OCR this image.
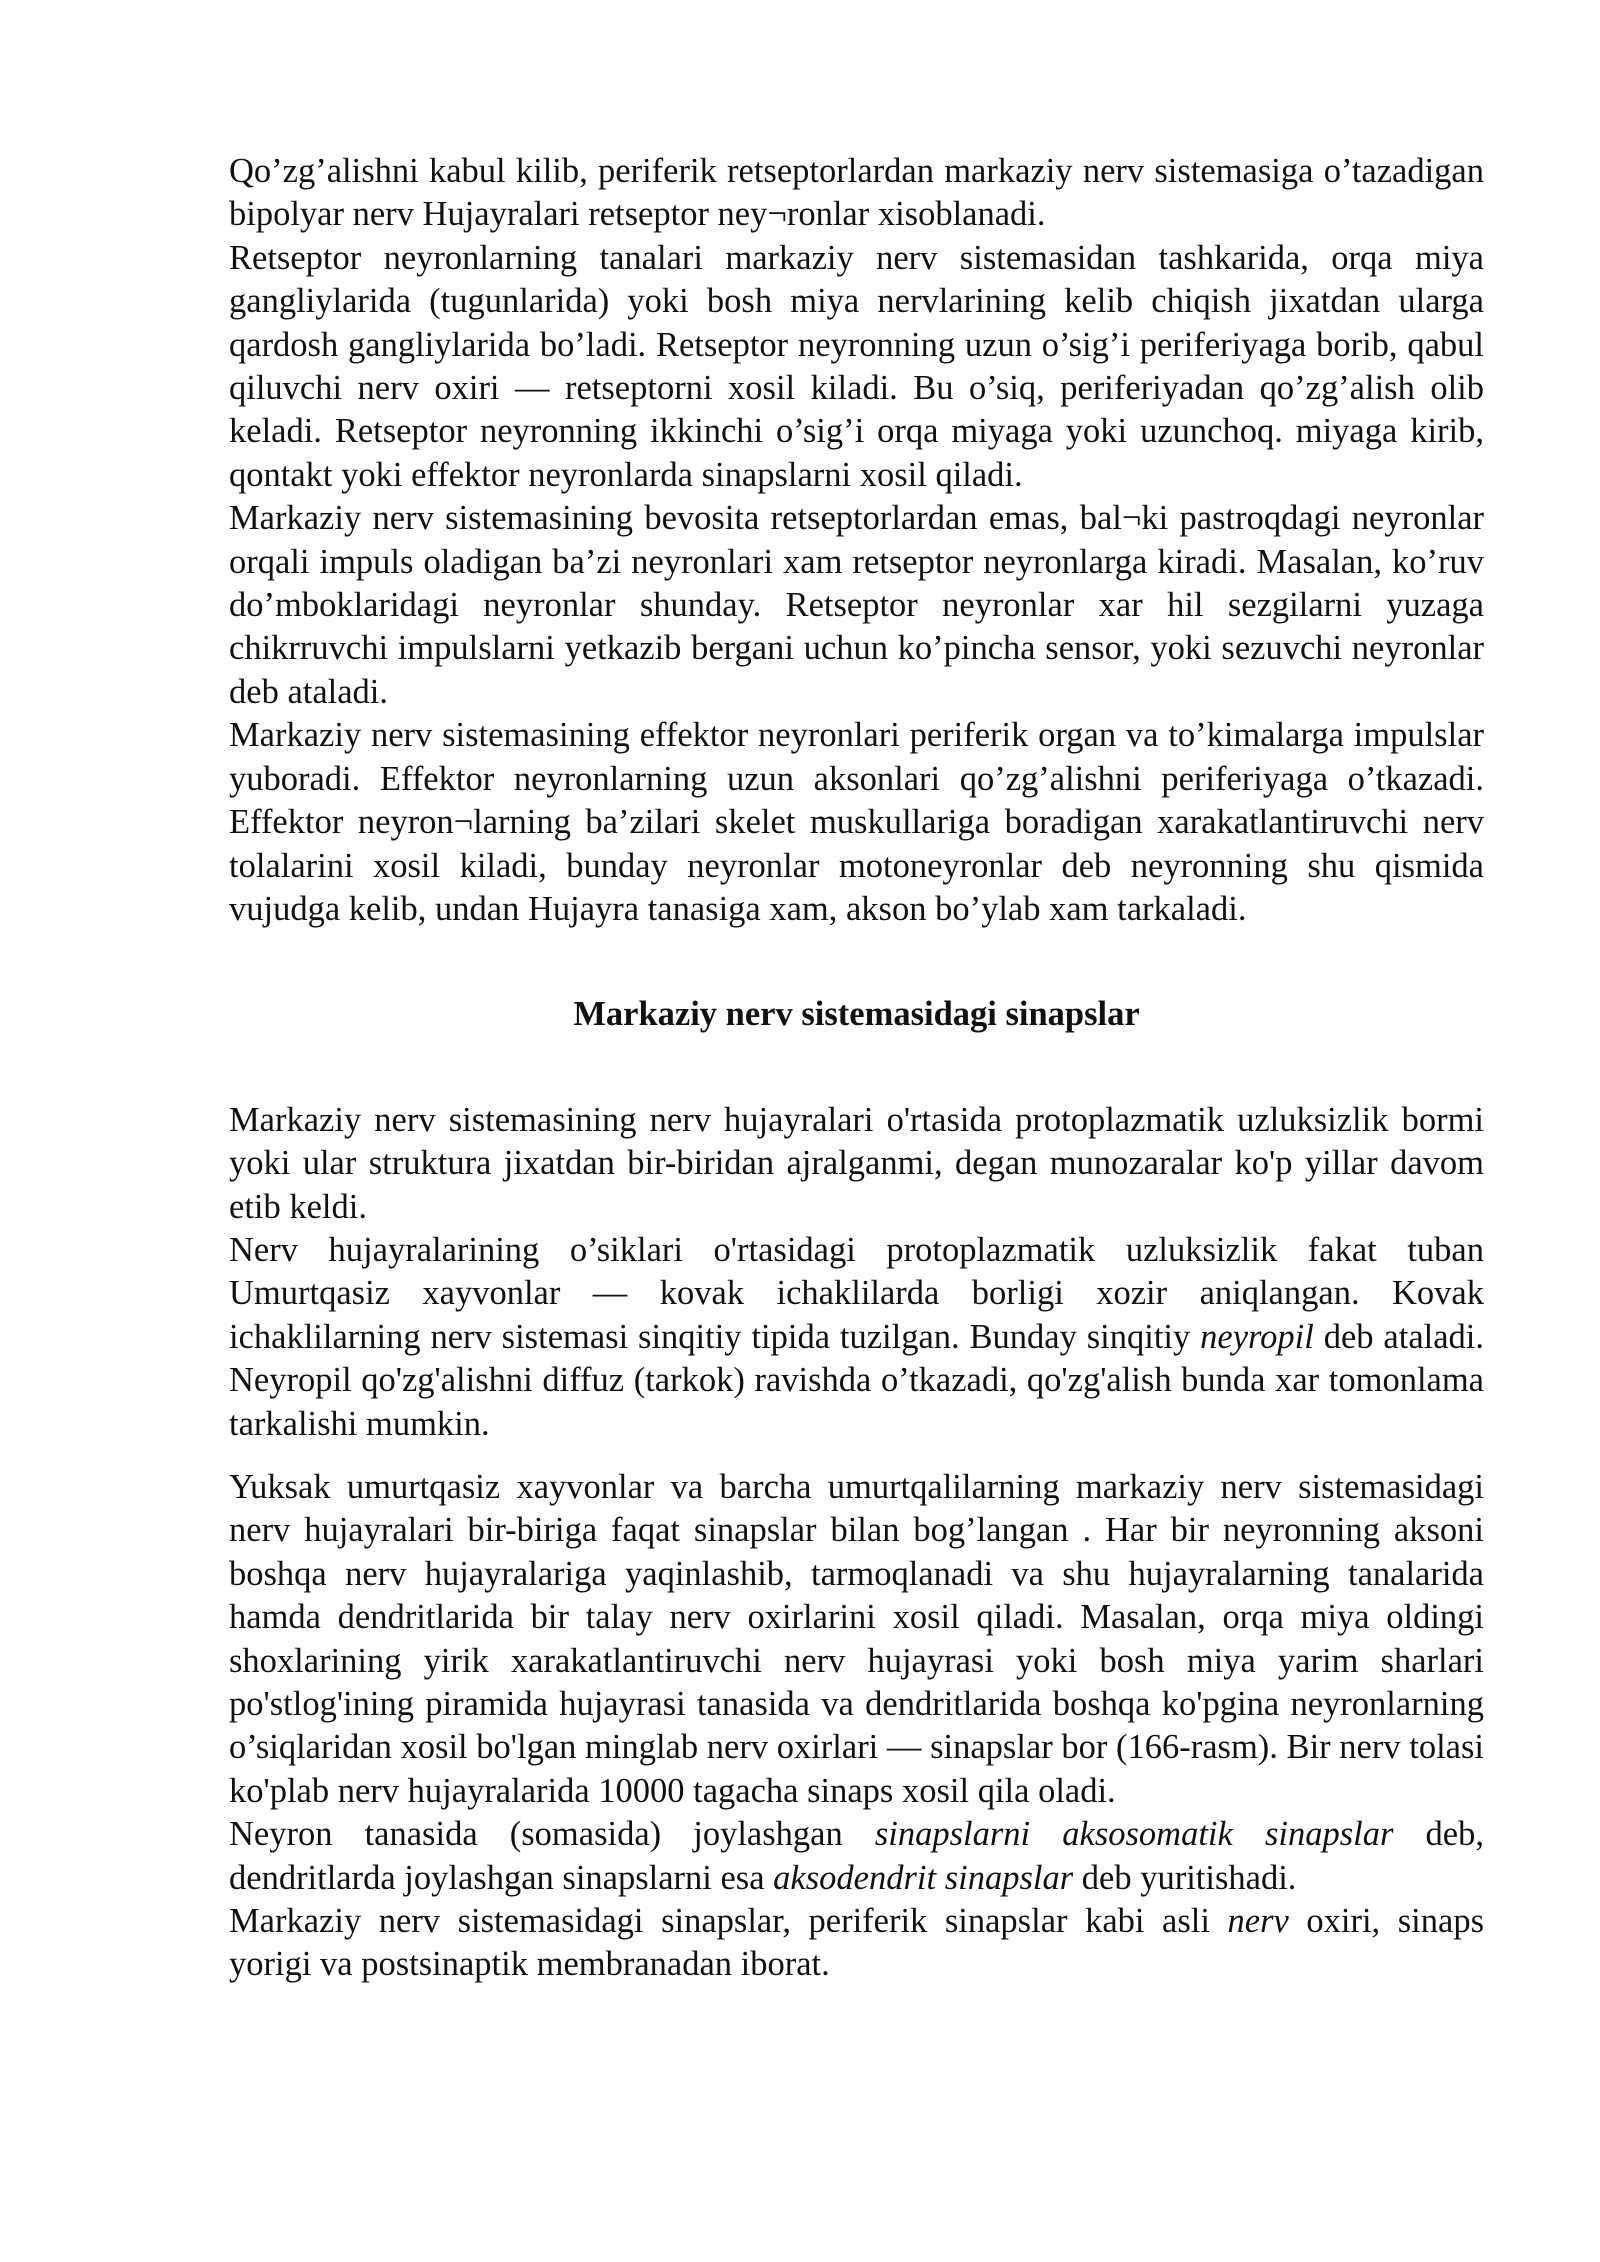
Qo’zg’alishni kabul kilib, periferik retseptorlardan markaziy nerv sistemasiga o’tazadigan bipolyar nerv Hujayralari retseptor ney¬ronlar xisoblanadi.

Retseptor neyronlarning tanalari markaziy nerv sistemasidan tashkarida, orqa miya gangliylarida (tugunlarida) yoki bosh miya nervlarining kelib chiqish jixatdan ularga qardosh gangliylarida bo’ladi. Retseptor neyronning uzun o’sig’i periferiyaga borib, qabul qiluvchi nerv oxiri — retseptorni xosil kiladi. Bu o’siq, periferiyadan qo’zg’alish olib keladi. Retseptor neyronning ikkinchi o’sig’i orqa miyaga yoki uzunchoq. miyaga kirib, qontakt yoki effektor neyronlarda sinapslarni xosil qiladi.

Markaziy nerv sistemasining bevosita retseptorlardan emas, bal¬ki pastroqdagi neyronlar orqali impuls oladigan ba’zi neyronlari xam retseptor neyronlarga kiradi. Masalan, ko’ruv do’mboklaridagi neyronlar shunday. Retseptor neyronlar xar hil sezgilarni yuzaga chikrruvchi impulslarni yetkazib bergani uchun ko’pincha sensor, yoki sezuvchi neyronlar deb ataladi.

Markaziy nerv sistemasining effektor neyronlari periferik organ va to’kimalarga impulslar yuboradi. Effektor neyronlarning uzun aksonlari qo’zg’alishni periferiyaga o’tkazadi. Effektor neyron¬larning ba’zilari skelet muskullariga boradigan xarakatlantiruvchi nerv tolalarini xosil kiladi, bunday neyronlar motoneyronlar deb neyronning shu qismida vujudga kelib, undan Hujayra tanasiga xam, akson bo’ylab xam tarkaladi.

Markaziy nerv sistemasidagi sinapslar

Markaziy nerv sistemasining nerv hujayralari o'rtasida protoplazmatik uzluksizlik bormi yoki ular struktura jixatdan bir-biridan ajralganmi, degan munozaralar ko'p yillar davom etib keldi.

Nerv hujayralarining o’siklari o'rtasidagi protoplazmatik uzluksizlik fakat tuban Umurtqasiz xayvonlar — kovak ichaklilarda borligi xozir aniqlangan. Kovak ichaklilarning nerv sistemasi sinqitiy tipida tuzilgan. Bunday sinqitiy neyropil deb ataladi. Neyropil qo'zg'alishni diffuz (tarkok) ravishda o’tkazadi, qo'zg'alish bunda xar tomonlama tarkalishi mumkin.

Yuksak umurtqasiz xayvonlar va barcha umurtqalilarning markaziy nerv sistemasidagi nerv hujayralari bir-biriga faqat sinapslar bilan bog’langan . Har bir neyronning aksoni boshqa nerv hujayralariga yaqinlashib, tarmoqlanadi va shu hujayralarning tanalarida hamda dendritlarida bir talay nerv oxirlarini xosil qiladi. Masalan, orqa miya oldingi shoxlarining yirik xarakatlantiruvchi nerv hujayrasi yoki bosh miya yarim sharlari po'stlog'ining piramida hujayrasi tanasida va dendritlarida boshqa ko'pgina neyronlarning o’siqlaridan xosil bo'lgan minglab nerv oxirlari — sinapslar bor (166-rasm). Bir nerv tolasi ko'plab nerv hujayralarida 10000 tagacha sinaps xosil qila oladi.

Neyron tanasida (somasida) joylashgan sinapslarni aksosomatik sinapslar deb, dendritlarda joylashgan sinapslarni esa aksodendrit sinapslar deb yuritishadi.

Markaziy nerv sistemasidagi sinapslar, periferik sinapslar kabi asli nerv oxiri, sinaps yorigi va postsinaptik membranadan iborat.
